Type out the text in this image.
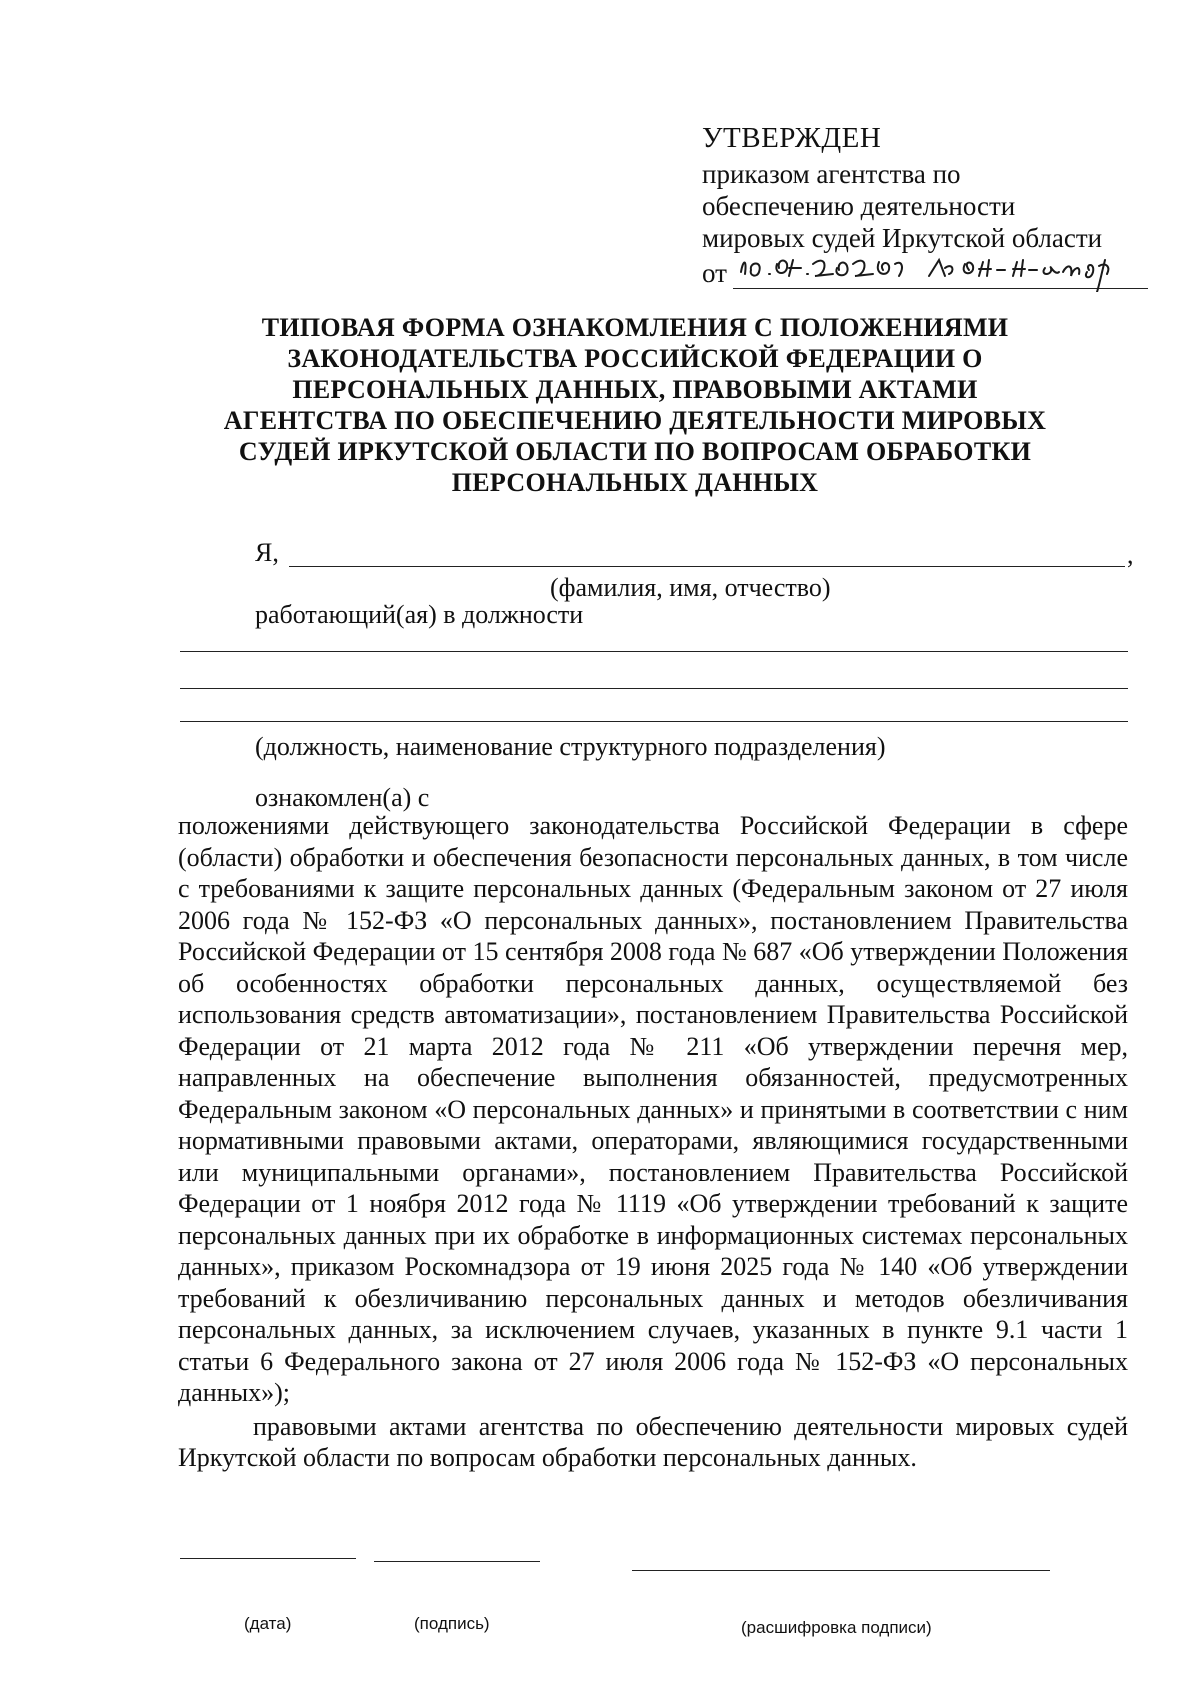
УТВЕРЖДЕН
приказом агентства по
обеспечению деятельности
мировых судей Иркутской области
от
ТИПОВАЯ ФОРМА ОЗНАКОМЛЕНИЯ С ПОЛОЖЕНИЯМИ
ЗАКОНОДАТЕЛЬСТВА РОССИЙСКОЙ ФЕДЕРАЦИИ О
ПЕРСОНАЛЬНЫХ ДАННЫХ, ПРАВОВЫМИ АКТАМИ
АГЕНТСТВА ПО ОБЕСПЕЧЕНИЮ ДЕЯТЕЛЬНОСТИ МИРОВЫХ
СУДЕЙ ИРКУТСКОЙ ОБЛАСТИ ПО ВОПРОСАМ ОБРАБОТКИ
ПЕРСОНАЛЬНЫХ ДАННЫХ
Я,	,
(фамилия, имя, отчество)
работающий(ая) в должности
(должность, наименование структурного подразделения)
ознакомлен(а) с

положениями действующего законодательства Российской Федерации в сфере (области) обработки и обеспечения безопасности персональных данных, в том числе с требованиями к защите персональных данных (Федеральным законом от 27 июля 2006 года № 152-ФЗ «О персональных данных», постановлением Правительства Российской Федерации от 15 сентября 2008 года № 687 «Об утверждении Положения об особенностях обработки персональных данных, осуществляемой без использования средств автоматизации», постановлением Правительства Российской Федерации от 21 марта 2012 года № 211 «Об утверждении перечня мер, направленных на обеспечение выполнения обязанностей, предусмотренных Федеральным законом «О персональных данных» и принятыми в соответствии с ним нормативными правовыми актами, операторами, являющимися государственными или муниципальными органами», постановлением Правительства Российской Федерации от 1 ноября 2012 года № 1119 «Об утверждении требований к защите персональных данных при их обработке в информационных системах персональных данных», приказом Роскомнадзора от 19 июня 2025 года № 140 «Об утверждении требований к обезличиванию персональных данных и методов обезличивания персональных данных, за исключением случаев, указанных в пункте 9.1 части 1 статьи 6 Федерального закона от 27 июля 2006 года № 152-ФЗ «О персональных данных»);

правовыми актами агентства по обеспечению деятельности мировых судей Иркутской области по вопросам обработки персональных данных.

(дата)	(подпись)	(расшифровка подписи)
